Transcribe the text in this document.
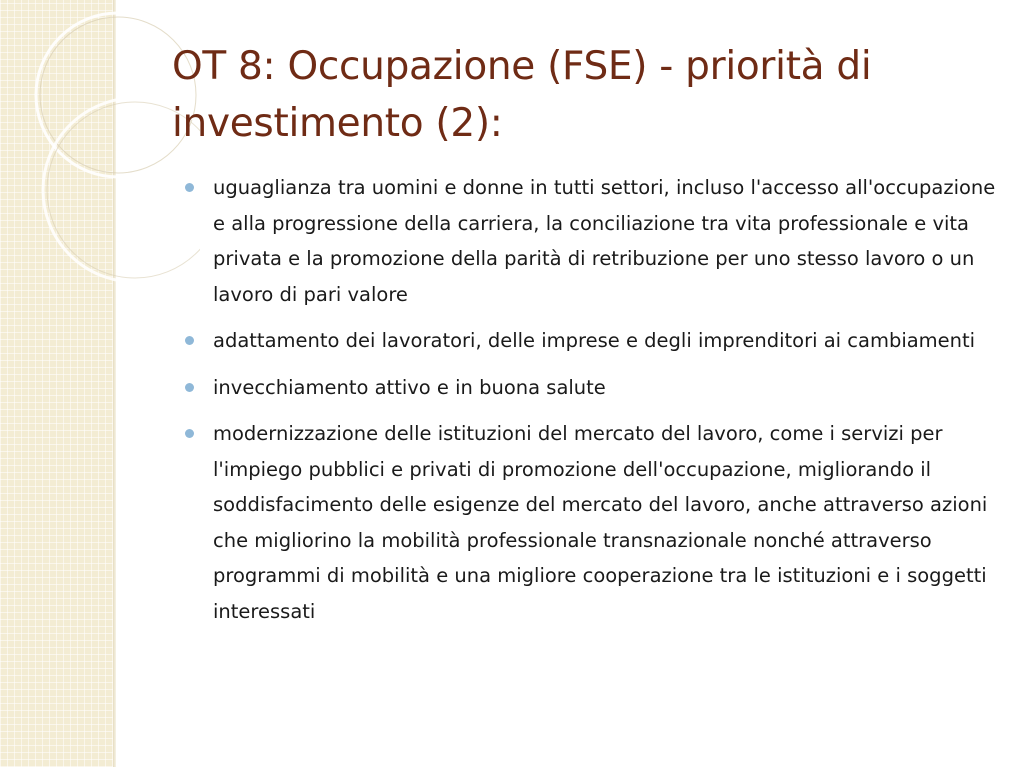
OT 8: Occupazione (FSE) - priorità di investimento (2):
uguaglianza tra uomini e donne in tutti settori, incluso l'accesso all'occupazione e alla progressione della carriera, la conciliazione tra vita professionale e vita privata e la promozione della parità di retribuzione per uno stesso lavoro o un lavoro di pari valore
adattamento dei lavoratori, delle imprese e degli imprenditori ai cambiamenti
invecchiamento attivo e in buona salute
modernizzazione delle istituzioni del mercato del lavoro, come i servizi per l'impiego pubblici e privati di promozione dell'occupazione, migliorando il soddisfacimento delle esigenze del mercato del lavoro, anche attraverso azioni che migliorino la mobilità professionale transnazionale nonché attraverso programmi di mobilità e una migliore cooperazione tra le istituzioni e i soggetti interessati
